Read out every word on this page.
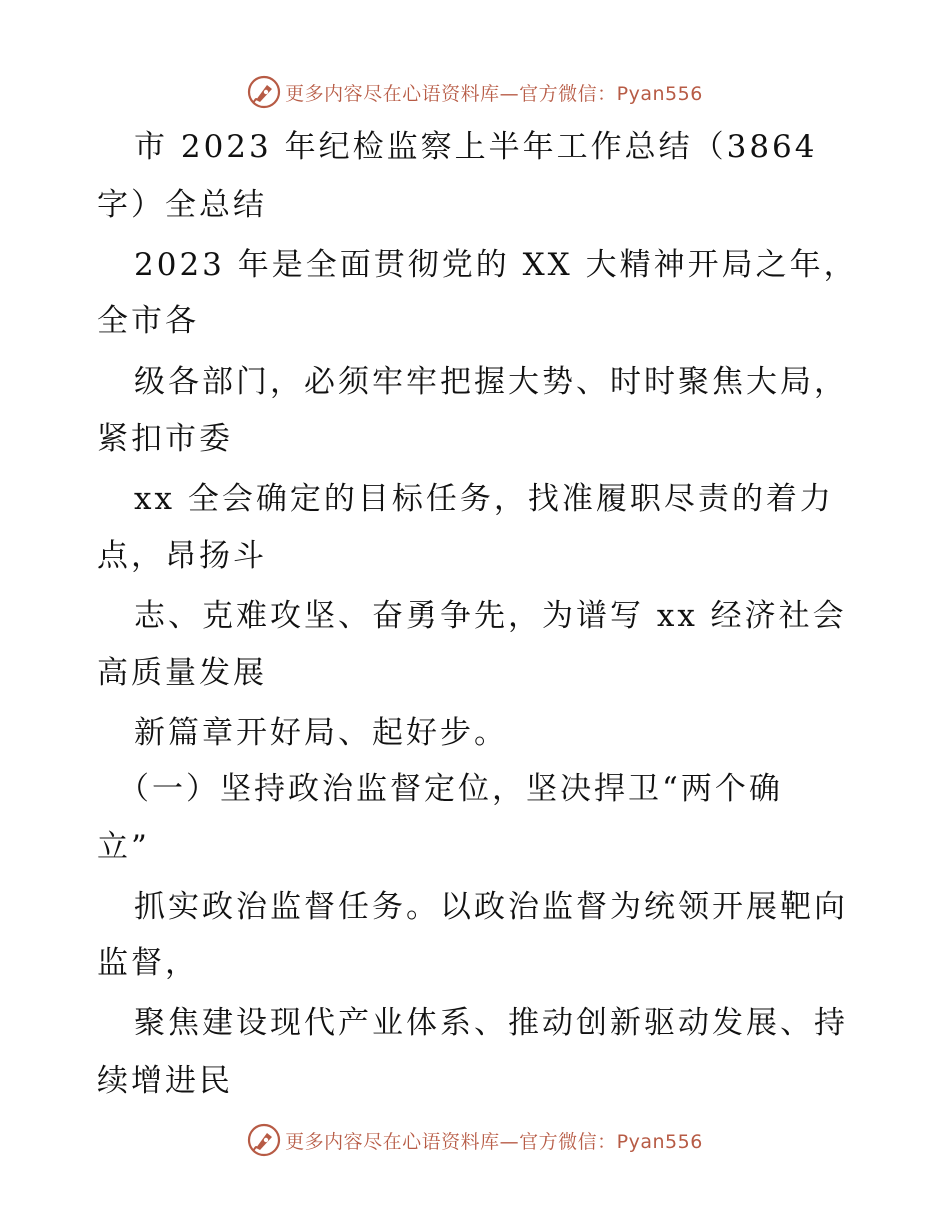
更多内容尽在心语资料库—官方微信：Pyan556
市 2023 年纪检监察上半年工作总结（3864
字）全总结
2023 年是全面贯彻党的 XX 大精神开局之年，
全市各
级各部门，必须牢牢把握大势、时时聚焦大局，
紧扣市委
xx 全会确定的目标任务，找准履职尽责的着力
点，昂扬斗
志、克难攻坚、奋勇争先，为谱写 xx 经济社会
高质量发展
新篇章开好局、起好步。
（一）坚持政治监督定位，坚决捍卫“两个确
立”
抓实政治监督任务。以政治监督为统领开展靶向
监督，
聚焦建设现代产业体系、推动创新驱动发展、持
续增进民
更多内容尽在心语资料库—官方微信：Pyan556
